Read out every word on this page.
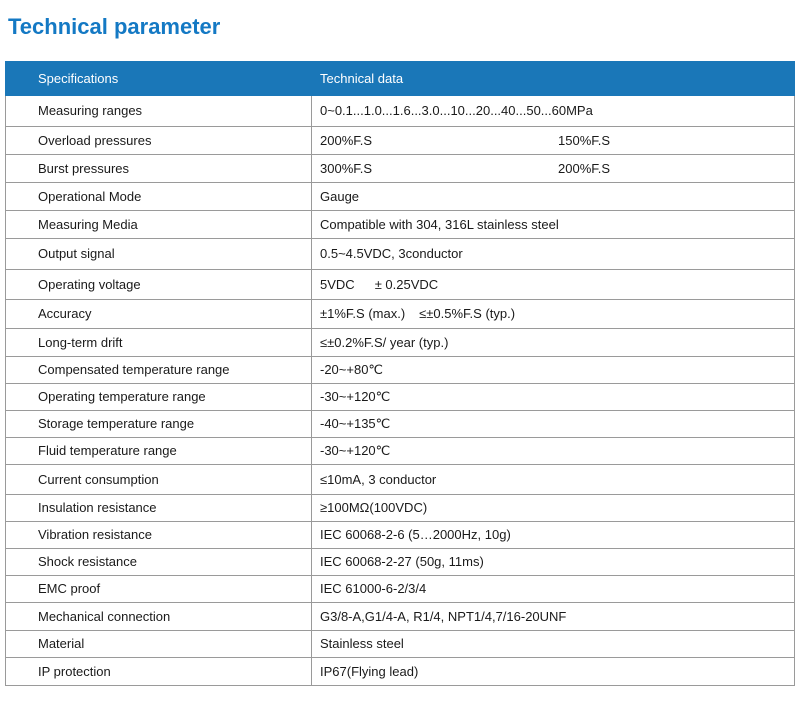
Technical parameter
Specifications	Technical data
Measuring ranges	0~0.1...1.0...1.6...3.0...10...20...40...50...60MPa
Overload pressures	200%F.S 150%F.S

Burst pressures	300%F.S 200%F.S

Operational Mode	Gauge
Measuring Media	Compatible with 304, 316L stainless steel
Output signal	0.5~4.5VDC, 3conductor
Operating voltage	5VDC ± 0.25VDC
Accuracy	±1%F.S (max.) ≤±0.5%F.S (typ.)
Long-term drift	≤±0.2%F.S/ year (typ.)
Compensated temperature range	-20~+80℃
Operating temperature range	-30~+120℃
Storage temperature range	-40~+135℃
Fluid temperature range	-30~+120℃
Current consumption	≤10mA, 3 conductor
Insulation resistance	≥100MΩ(100VDC)
Vibration resistance	IEC 60068-2-6 (5…2000Hz, 10g)
Shock resistance	IEC 60068-2-27 (50g, 11ms)
EMC proof	IEC 61000-6-2/3/4
Mechanical connection	G3/8-A,G1/4-A, R1/4, NPT1/4,7/16-20UNF
Material	Stainless steel
IP protection	IP67(Flying lead)
